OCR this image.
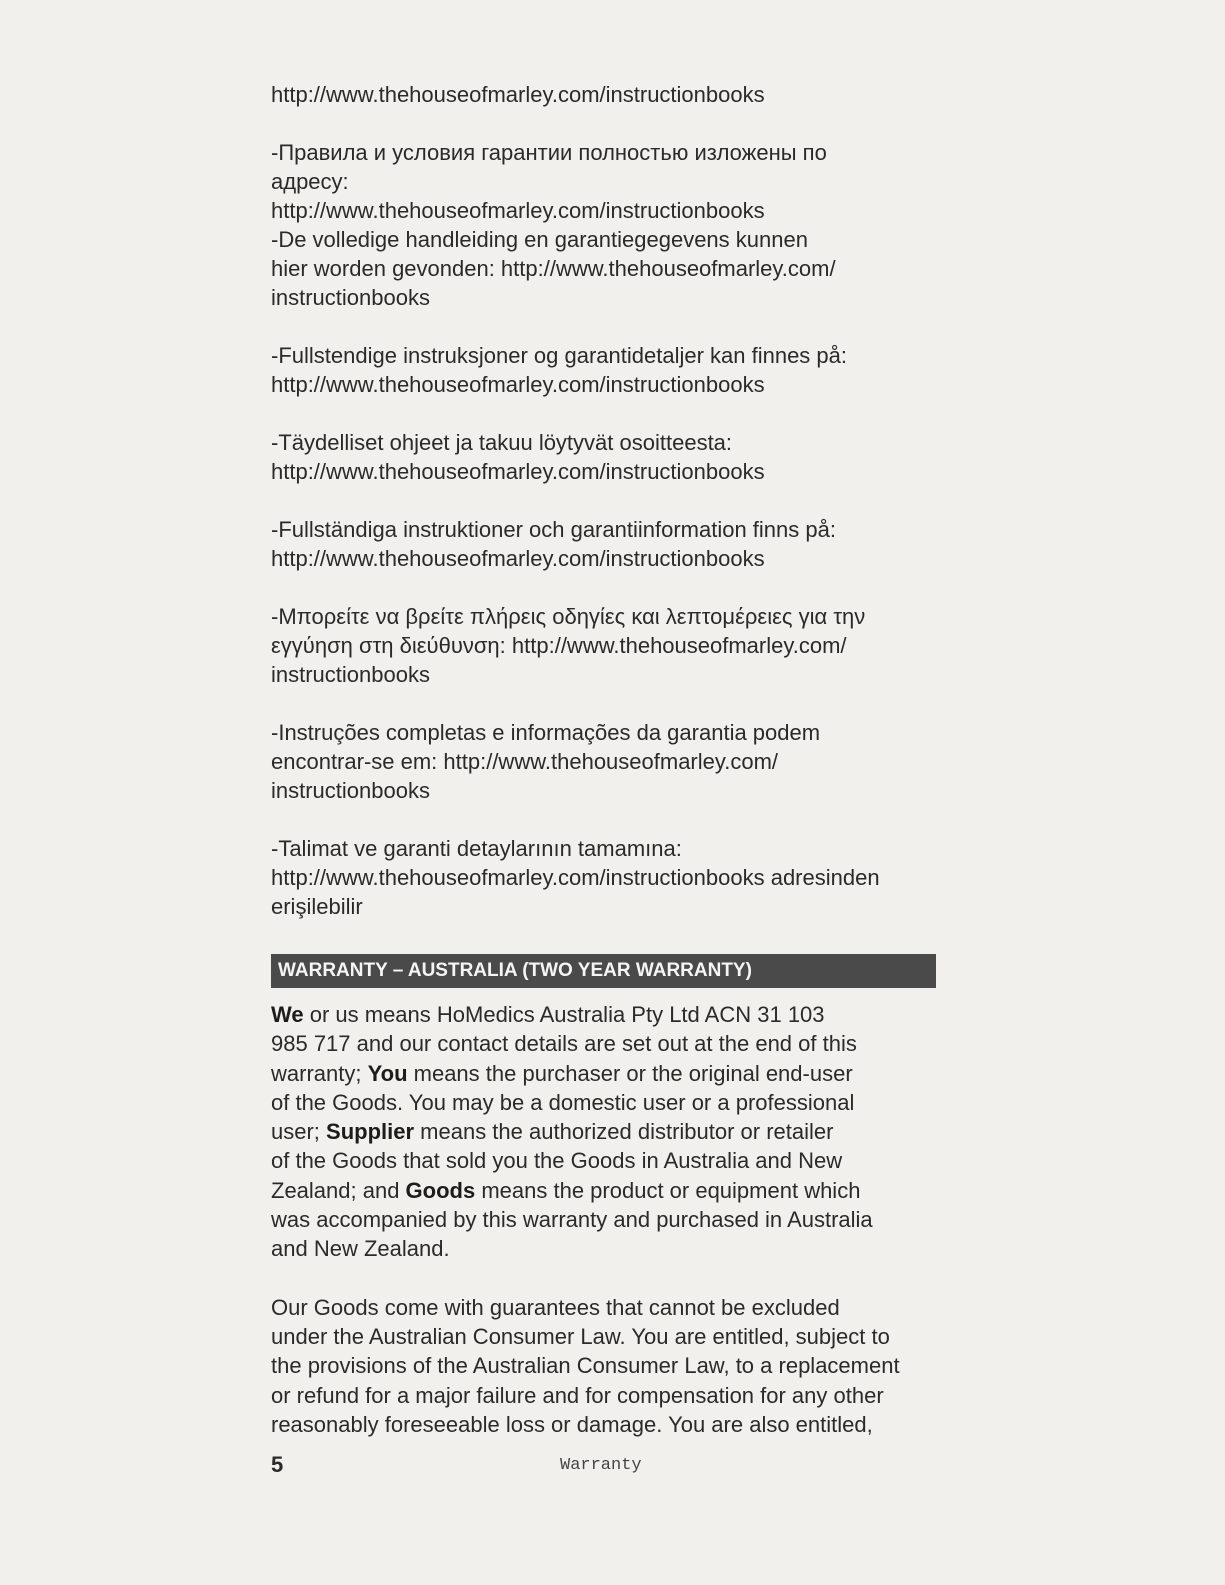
http://www.thehouseofmarley.com/instructionbooks

-Правила и условия гарантии полностью изложены по
адресу:
http://www.thehouseofmarley.com/instructionbooks
-De volledige handleiding en garantiegegevens kunnen
hier worden gevonden: http://www.thehouseofmarley.com/
instructionbooks

-Fullstendige instruksjoner og garantidetaljer kan finnes på:
http://www.thehouseofmarley.com/instructionbooks

-Täydelliset ohjeet ja takuu löytyvät osoitteesta:
http://www.thehouseofmarley.com/instructionbooks

-Fullständiga instruktioner och garantiinformation finns på:
http://www.thehouseofmarley.com/instructionbooks

-Μπορείτε να βρείτε πλήρεις οδηγίες και λεπτομέρειες για την
εγγύηση στη διεύθυνση: http://www.thehouseofmarley.com/
instructionbooks

-Instruções completas e informações da garantia podem
encontrar-se em: http://www.thehouseofmarley.com/
instructionbooks

-Talimat ve garanti detaylarının tamamına:
http://www.thehouseofmarley.com/instructionbooks adresinden
erişilebilir

WARRANTY – AUSTRALIA (TWO YEAR WARRANTY)

We or us means HoMedics Australia Pty Ltd ACN 31 103
985 717 and our contact details are set out at the end of this
warranty; You means the purchaser or the original end-user
of the Goods. You may be a domestic user or a professional
user; Supplier means the authorized distributor or retailer
of the Goods that sold you the Goods in Australia and New
Zealand; and Goods means the product or equipment which
was accompanied by this warranty and purchased in Australia
and New Zealand.

Our Goods come with guarantees that cannot be excluded
under the Australian Consumer Law. You are entitled, subject to
the provisions of the Australian Consumer Law, to a replacement
or refund for a major failure and for compensation for any other
reasonably foreseeable loss or damage. You are also entitled,

5	Warranty
